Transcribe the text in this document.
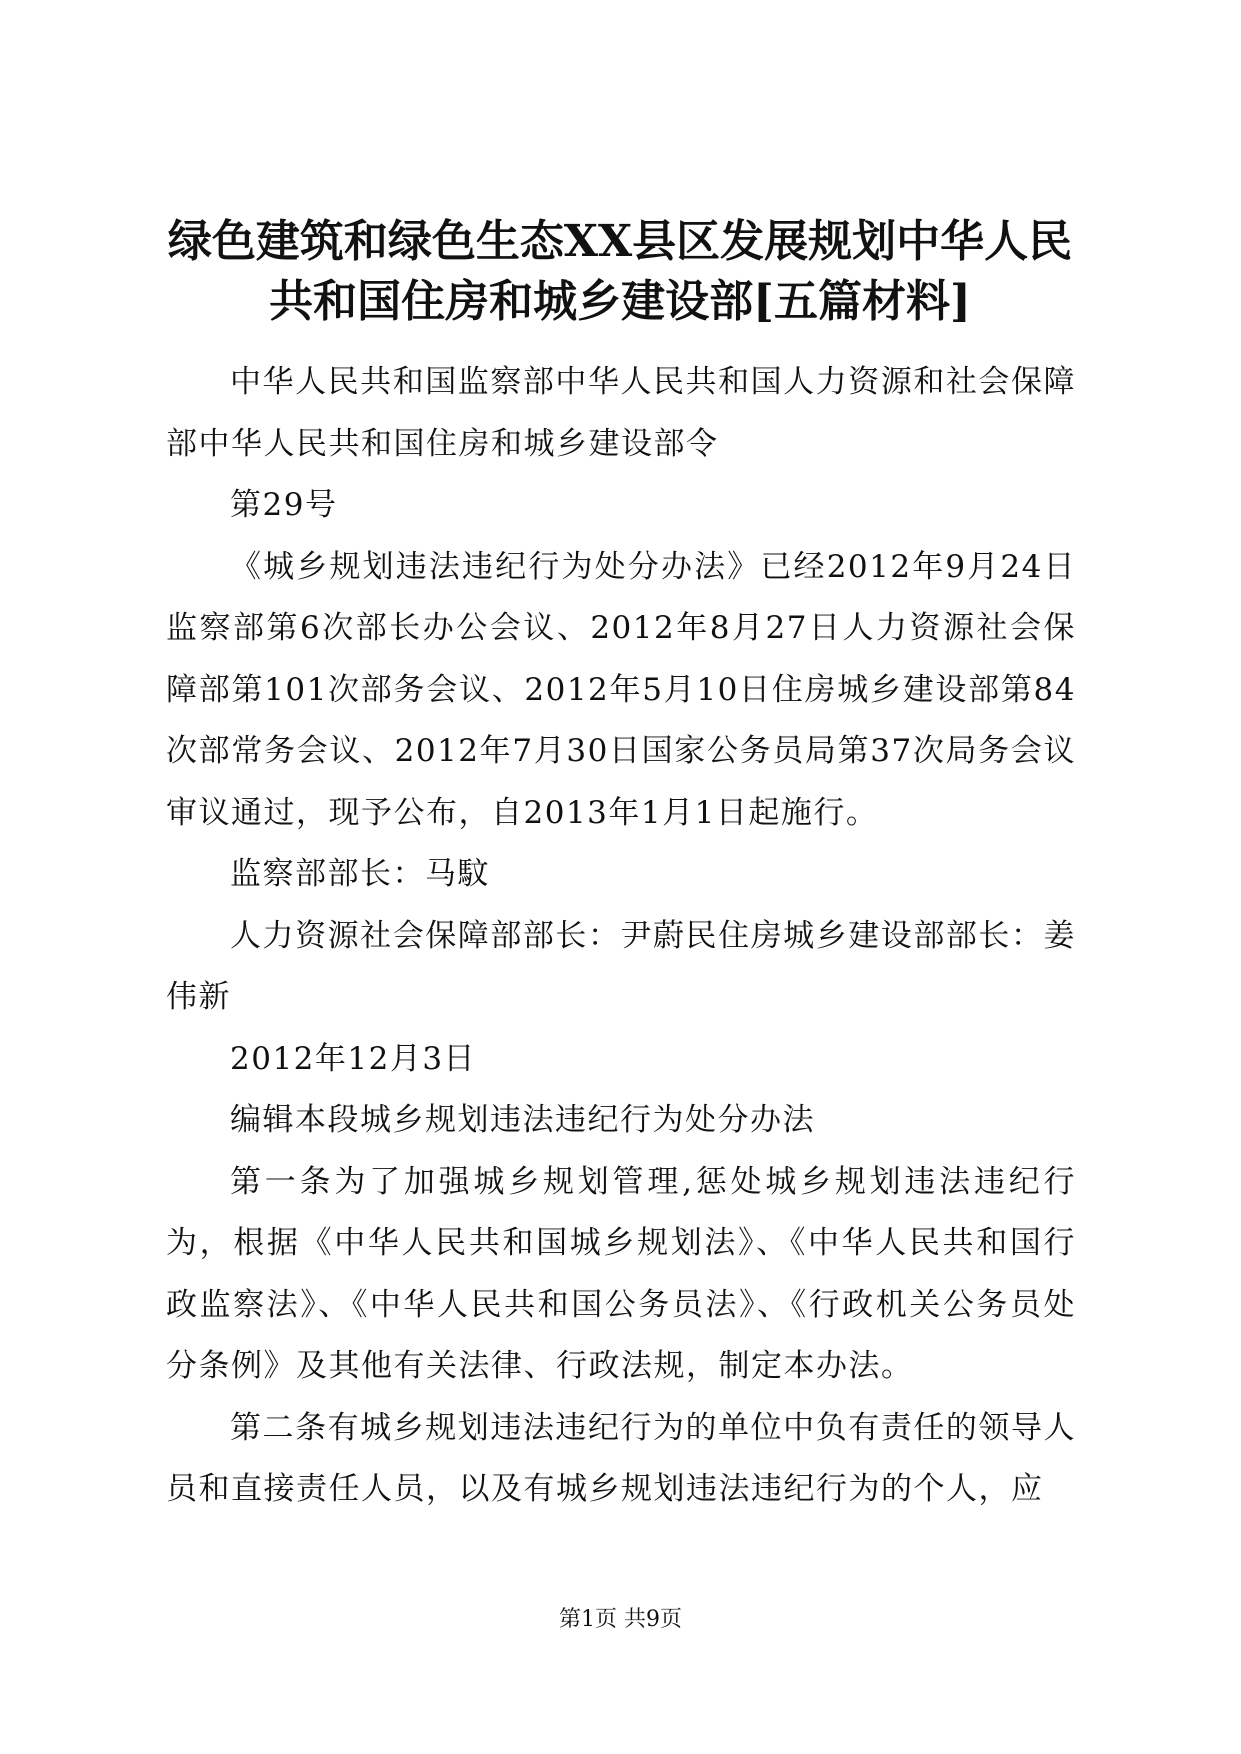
绿色建筑和绿色生态XX县区发展规划中华人民共和国住房和城乡建设部[五篇材料]

中华人民共和国监察部中华人民共和国人力资源和社会保障部中华人民共和国住房和城乡建设部令

第29号

《城乡规划违法违纪行为处分办法》已经2012年9月24日监察部第6次部长办公会议、2012年8月27日人力资源社会保障部第101次部务会议、2012年5月10日住房城乡建设部第84次部常务会议、2012年7月30日国家公务员局第37次局务会议审议通过，现予公布，自2013年1月1日起施行。

监察部部长：马馼

人力资源社会保障部部长：尹蔚民住房城乡建设部部长：姜伟新

2012年12月3日

编辑本段城乡规划违法违纪行为处分办法

第一条为了加强城乡规划管理,惩处城乡规划违法违纪行为，根据《中华人民共和国城乡规划法》、《中华人民共和国行政监察法》、《中华人民共和国公务员法》、《行政机关公务员处分条例》及其他有关法律、行政法规，制定本办法。

第二条有城乡规划违法违纪行为的单位中负有责任的领导人员和直接责任人员，以及有城乡规划违法违纪行为的个人，应

第1页 共9页
